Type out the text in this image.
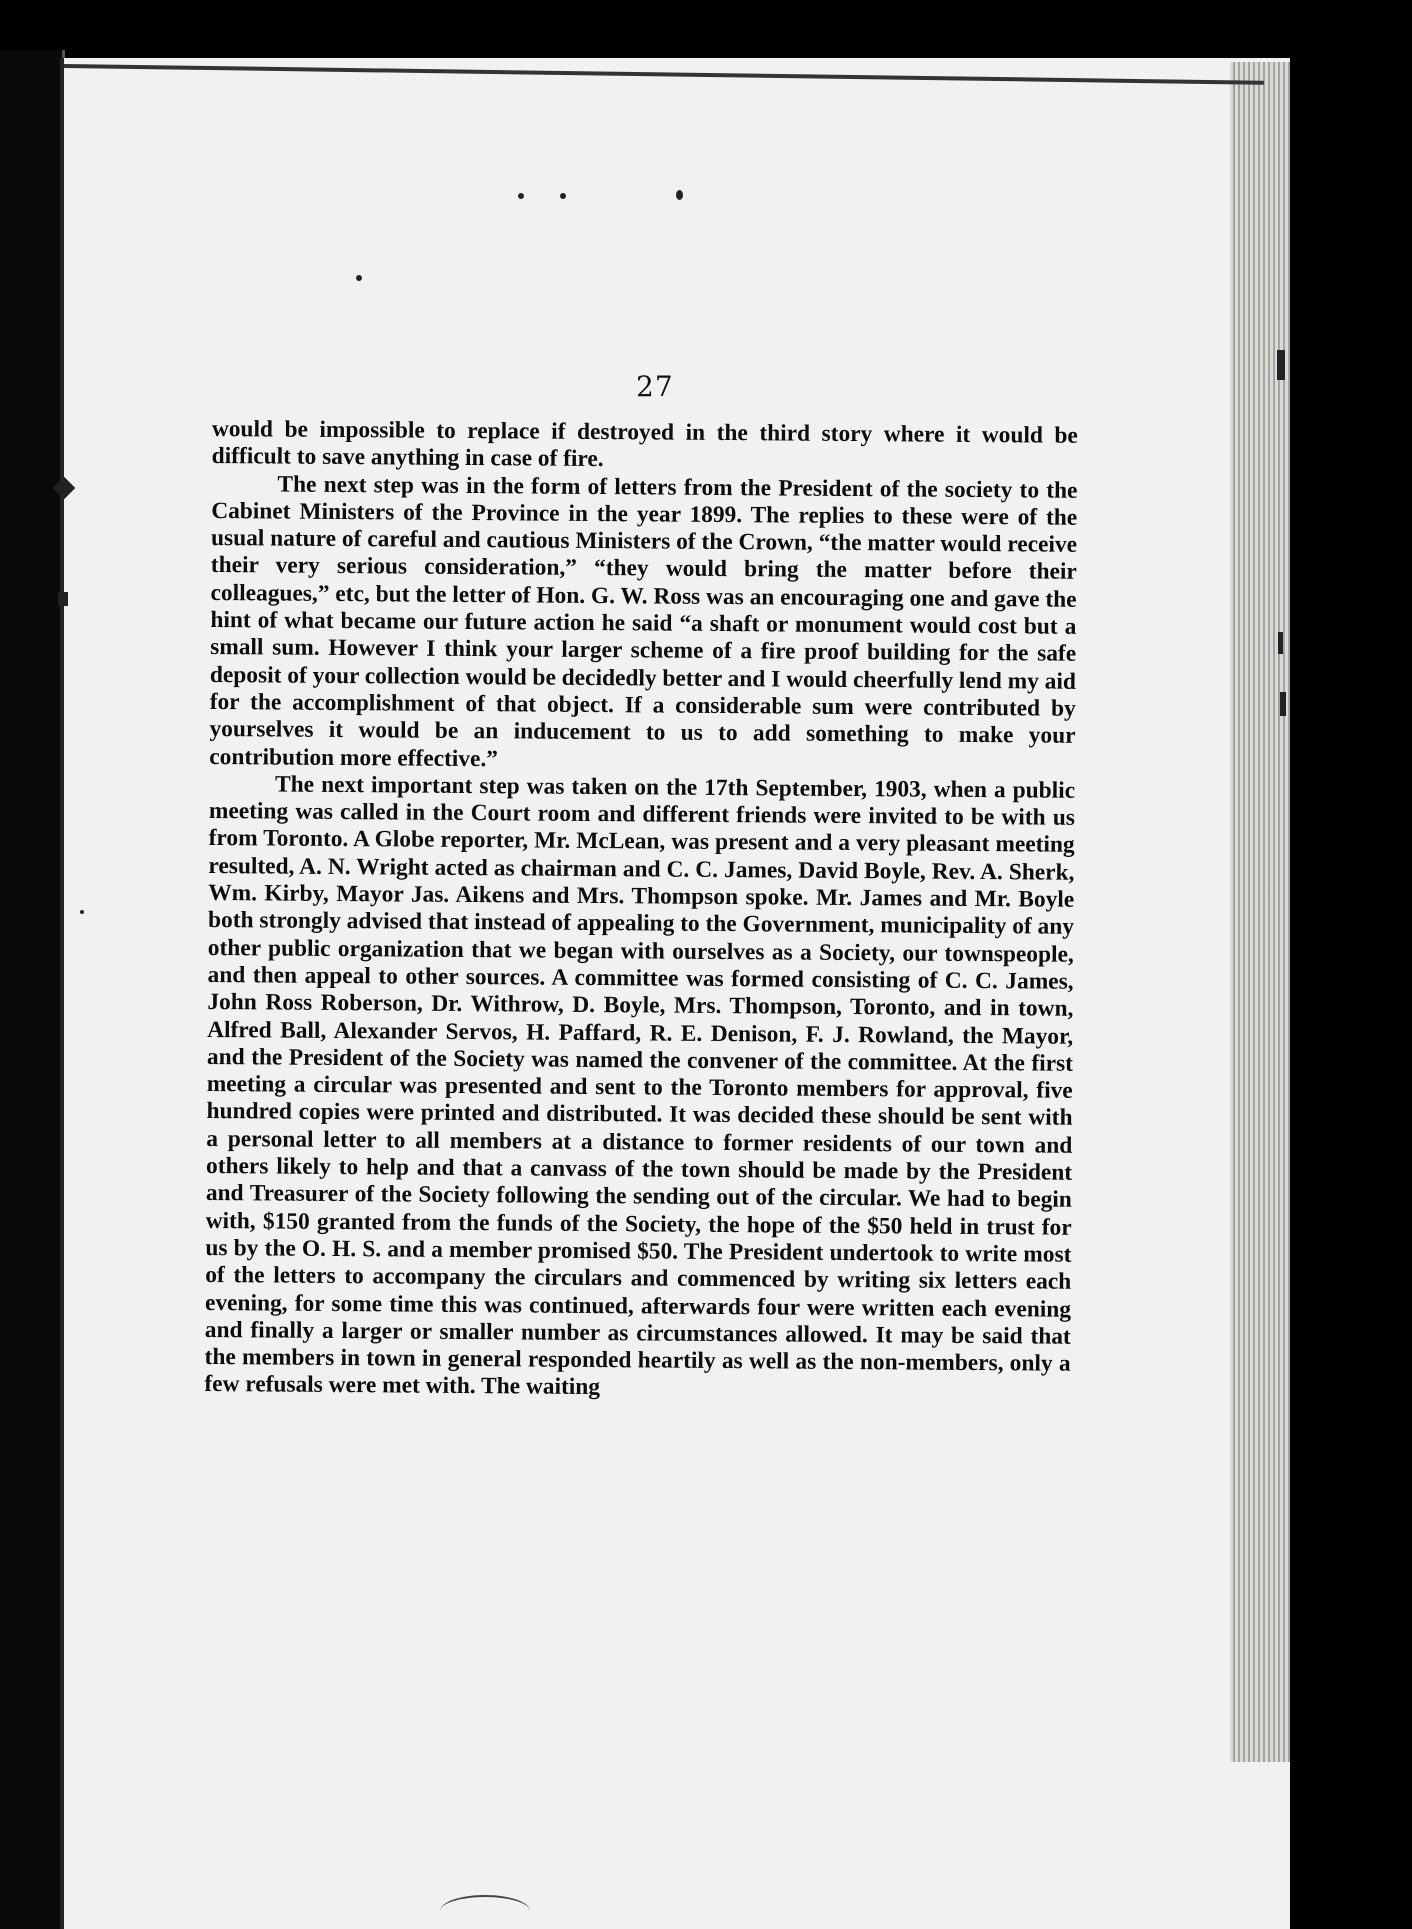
27

would be impossible to replace if destroyed in the third story where it would be difficult to save anything in case of fire.

The next step was in the form of letters from the President of the society to the Cabinet Ministers of the Province in the year 1899. The replies to these were of the usual nature of careful and cautious Ministers of the Crown, “the matter would receive their very serious consideration,” “they would bring the matter before their colleagues,” etc, but the letter of Hon. G. W. Ross was an encouraging one and gave the hint of what became our future action he said “a shaft or monument would cost but a small sum. However I think your larger scheme of a fire proof building for the safe deposit of your collection would be decidedly better and I would cheerfully lend my aid for the accomplishment of that object. If a considerable sum were contributed by yourselves it would be an inducement to us to add something to make your contribution more effective.”

The next important step was taken on the 17th September, 1903, when a public meeting was called in the Court room and different friends were invited to be with us from Toronto. A Globe reporter, Mr. McLean, was present and a very pleasant meeting resulted, A. N. Wright acted as chairman and C. C. James, David Boyle, Rev. A. Sherk, Wm. Kirby, Mayor Jas. Aikens and Mrs. Thompson spoke. Mr. James and Mr. Boyle both strongly advised that instead of appealing to the Government, municipality of any other public organization that we began with ourselves as a Society, our townspeople, and then appeal to other sources. A committee was formed consisting of C. C. James, John Ross Roberson, Dr. Withrow, D. Boyle, Mrs. Thompson, Toronto, and in town, Alfred Ball, Alexander Servos, H. Paffard, R. E. Denison, F. J. Rowland, the Mayor, and the President of the Society was named the convener of the committee. At the first meeting a circular was presented and sent to the Toronto members for approval, five hundred copies were printed and distributed. It was decided these should be sent with a personal letter to all members at a distance to former residents of our town and others likely to help and that a canvass of the town should be made by the President and Treasurer of the Society following the sending out of the circular. We had to begin with, $150 granted from the funds of the Society, the hope of the $50 held in trust for us by the O. H. S. and a member promised $50. The President undertook to write most of the letters to accompany the circulars and commenced by writing six letters each evening, for some time this was continued, afterwards four were written each evening and finally a larger or smaller number as circumstances allowed. It may be said that the members in town in general responded heartily as well as the non-members, only a few refusals were met with. The waiting
